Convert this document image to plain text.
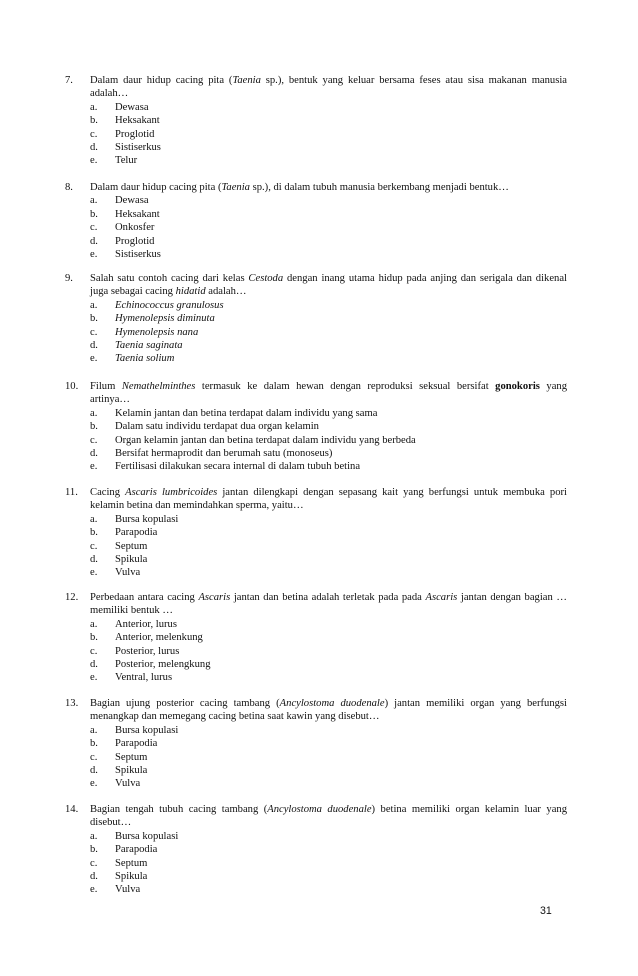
7. Dalam daur hidup cacing pita (Taenia sp.), bentuk yang keluar bersama feses atau sisa makanan manusia adalah…
a. Dewasa
b. Heksakant
c. Proglotid
d. Sistiserkus
e. Telur
8. Dalam daur hidup cacing pita (Taenia sp.), di dalam tubuh manusia berkembang menjadi bentuk…
a. Dewasa
b. Heksakant
c. Onkosfer
d. Proglotid
e. Sistiserkus
9. Salah satu contoh cacing dari kelas Cestoda dengan inang utama hidup pada anjing dan serigala dan dikenal juga sebagai cacing hidatid adalah…
a. Echinococcus granulosus
b. Hymenolepsis diminuta
c. Hymenolepsis nana
d. Taenia saginata
e. Taenia solium
10. Filum Nemathelminthes termasuk ke dalam hewan dengan reproduksi seksual bersifat gonokoris yang artinya…
a. Kelamin jantan dan betina terdapat dalam individu yang sama
b. Dalam satu individu terdapat dua organ kelamin
c. Organ kelamin jantan dan betina terdapat dalam individu yang berbeda
d. Bersifat hermaprodit dan berumah satu (monoseus)
e. Fertilisasi dilakukan secara internal di dalam tubuh betina
11. Cacing Ascaris lumbricoides jantan dilengkapi dengan sepasang kait yang berfungsi untuk membuka pori kelamin betina dan memindahkan sperma, yaitu…
a. Bursa kopulasi
b. Parapodia
c. Septum
d. Spikula
e. Vulva
12. Perbedaan antara cacing Ascaris jantan dan betina adalah terletak pada pada Ascaris jantan dengan bagian … memiliki bentuk …
a. Anterior, lurus
b. Anterior, melenkung
c. Posterior, lurus
d. Posterior, melengkung
e. Ventral, lurus
13. Bagian ujung posterior cacing tambang (Ancylostoma duodenale) jantan memiliki organ yang berfungsi menangkap dan memegang cacing betina saat kawin yang disebut…
a. Bursa kopulasi
b. Parapodia
c. Septum
d. Spikula
e. Vulva
14. Bagian tengah tubuh cacing tambang (Ancylostoma duodenale) betina memiliki organ kelamin luar yang disebut…
a. Bursa kopulasi
b. Parapodia
c. Septum
d. Spikula
e. Vulva
31
